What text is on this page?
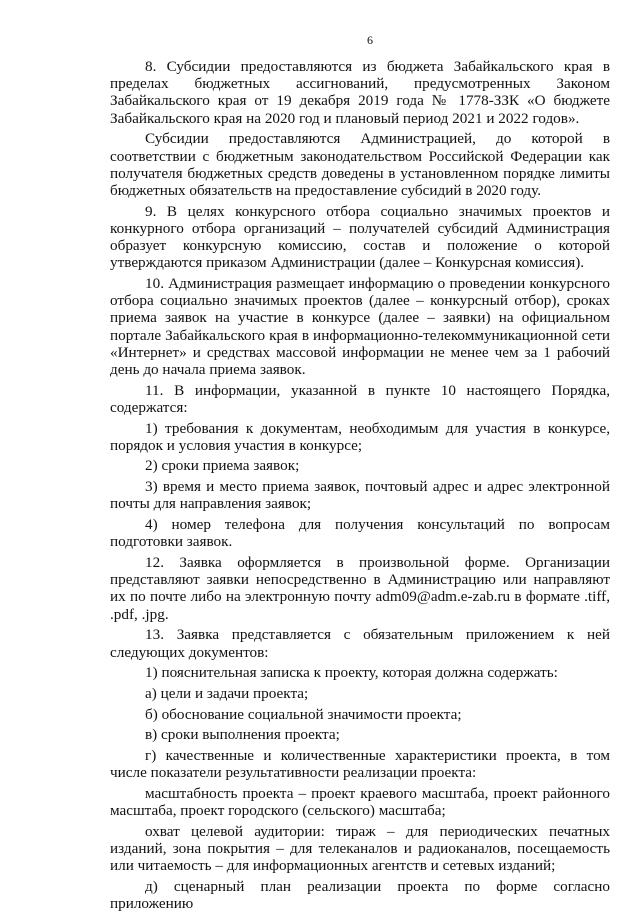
6

8. Субсидии предоставляются из бюджета Забайкальского края в пределах бюджетных ассигнований, предусмотренных Законом Забайкальского края от 19 декабря 2019 года № 1778-ЗЗК «О бюджете Забайкальского края на 2020 год и плановый период 2021 и 2022 годов».

Субсидии предоставляются Администрацией, до которой в соответствии с бюджетным законодательством Российской Федерации как получателя бюджетных средств доведены в установленном порядке лимиты бюджетных обязательств на предоставление субсидий в 2020 году.

9. В целях конкурсного отбора социально значимых проектов и конкурного отбора организаций – получателей субсидий Администрация образует конкурсную комиссию, состав и положение о которой утверждаются приказом Администрации (далее – Конкурсная комиссия).

10. Администрация размещает информацию о проведении конкурсного отбора социально значимых проектов (далее – конкурсный отбор), сроках приема заявок на участие в конкурсе (далее – заявки) на официальном портале Забайкальского края в информационно-телекоммуникационной сети «Интернет» и средствах массовой информации не менее чем за 1 рабочий день до начала приема заявок.

11. В информации, указанной в пункте 10 настоящего Порядка, содержатся:

1) требования к документам, необходимым для участия в конкурсе, порядок и условия участия в конкурсе;

2) сроки приема заявок;

3) время и место приема заявок, почтовый адрес и адрес электронной почты для направления заявок;

4) номер телефона для получения консультаций по вопросам подготовки заявок.

12. Заявка оформляется в произвольной форме. Организации представляют заявки непосредственно в Администрацию или направляют их по почте либо на электронную почту adm09@adm.e-zab.ru в формате .tiff, .pdf, .jpg.

13. Заявка представляется с обязательным приложением к ней следующих документов:

1) пояснительная записка к проекту, которая должна содержать:

а) цели и задачи проекта;

б) обоснование социальной значимости проекта;

в) сроки выполнения проекта;

г) качественные и количественные характеристики проекта, в том числе показатели результативности реализации проекта:

масштабность проекта – проект краевого масштаба, проект районного масштаба, проект городского (сельского) масштаба;

охват целевой аудитории: тираж – для периодических печатных изданий, зона покрытия – для телеканалов и радиоканалов, посещаемость или читаемость – для информационных агентств и сетевых изданий;

д) сценарный план реализации проекта по форме согласно приложению
